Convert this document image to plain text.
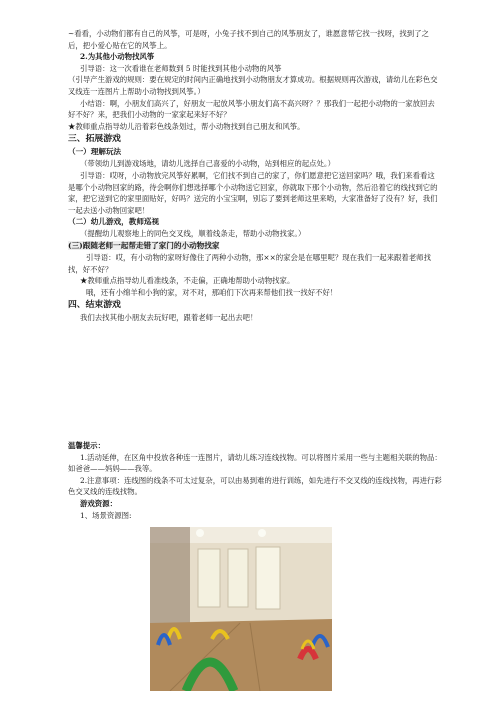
~看看，小动物们都有自己的风筝，可是呀，小兔子找不到自己的风筝朋友了，谁愿意帮它找一找呀，找到了之后，把小爱心贴在它的风筝上。

2.为其他小动物找风筝

引导语：这一次看谁在老师数到 5 时能找到其他小动物的风筝

（引导产生游戏的规则：要在规定的时间内正确地找到小动物朋友才算成功。根据规则再次游戏，请幼儿在彩色交叉线连一连图片上帮助小动物找到风筝。）

小结语：啊，小朋友们高兴了，好朋友一起放风筝小朋友们高不高兴呀？？那我们一起把小动物的一家放回去好不好？来，把我们小动物的一家家起来好不好？

★教师重点指导幼儿沿着彩色线条划过，帮小动物找到自己朋友和风筝。

三、拓展游戏

（一）理解玩法

（带领幼儿到游戏场地，请幼儿选择自己喜爱的小动物，站到相应的起点处。）

引导语：哎呀，小动物放完风筝好累啊，它们找不到自己的家了，你们愿意把它送回家吗？哦，我们来看看这是哪个小动物回家的路，待会啊你们想选择哪个小动物送它回家，你就取下那个小动物，然后沿着它的线找到它的家，把它送到它的家里面贴好，好吗？送完的小宝宝啊，别忘了要到老师这里来哟，大家准备好了没有？好，我们一起去送小动物回家吧！

（二）幼儿游戏，教师巡视

（提醒幼儿观察地上的同色交叉线，顺着线条走，帮助小动物找家。）

(三)跟随老师一起帮走错了家门的小动物找家

引导语：哎，有小动物的家呀好像住了两种小动物，那××的家会是在哪里呢？现在我们一起来跟着老师找找，好不好？

★教师重点指导幼儿看准线条，不走偏，正确地帮助小动物找家。

哦，还有小绵羊和小狗的家，对不对，那咱们下次再来帮他们找一找好不好！

四、结束游戏

我们去找其他小朋友去玩好吧，跟着老师一起出去吧！

温馨提示：

1.活动延伸，在区角中投放各种连一连图片，请幼儿练习连线找物。可以将图片采用一些与主题相关联的物品：如爸爸——妈妈——我等。

2.注意事项：连线图的线条不可太过复杂，可以由易到难的进行训练，如先进行不交叉线的连线找物，再进行彩色交叉线的连线找物。

游戏资源：

1、场景资源图:
